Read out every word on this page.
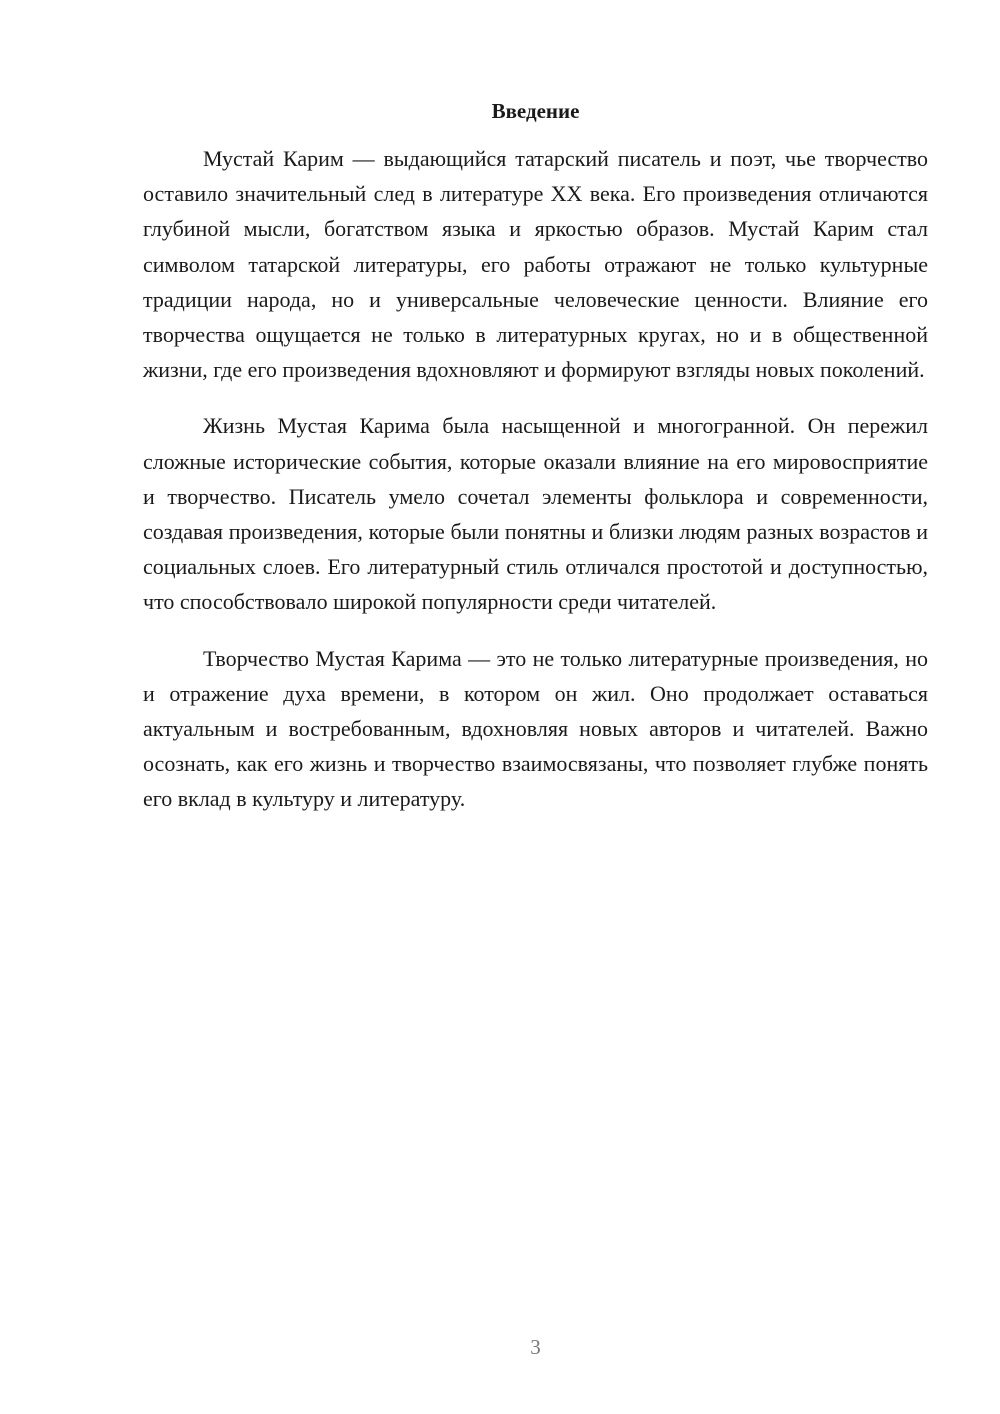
Введение

Мустай Карим — выдающийся татарский писатель и поэт, чье творчество оставило значительный след в литературе XX века. Его произведения отличаются глубиной мысли, богатством языка и яркостью образов. Мустай Карим стал символом татарской литературы, его работы отражают не только культурные традиции народа, но и универсальные человеческие ценности. Влияние его творчества ощущается не только в литературных кругах, но и в общественной жизни, где его произведения вдохновляют и формируют взгляды новых поколений.

Жизнь Мустая Карима была насыщенной и многогранной. Он пережил сложные исторические события, которые оказали влияние на его мировосприятие и творчество. Писатель умело сочетал элементы фольклора и современности, создавая произведения, которые были понятны и близки людям разных возрастов и социальных слоев. Его литературный стиль отличался простотой и доступностью, что способствовало широкой популярности среди читателей.

Творчество Мустая Карима — это не только литературные произведения, но и отражение духа времени, в котором он жил. Оно продолжает оставаться актуальным и востребованным, вдохновляя новых авторов и читателей. Важно осознать, как его жизнь и творчество взаимосвязаны, что позволяет глубже понять его вклад в культуру и литературу.

3
